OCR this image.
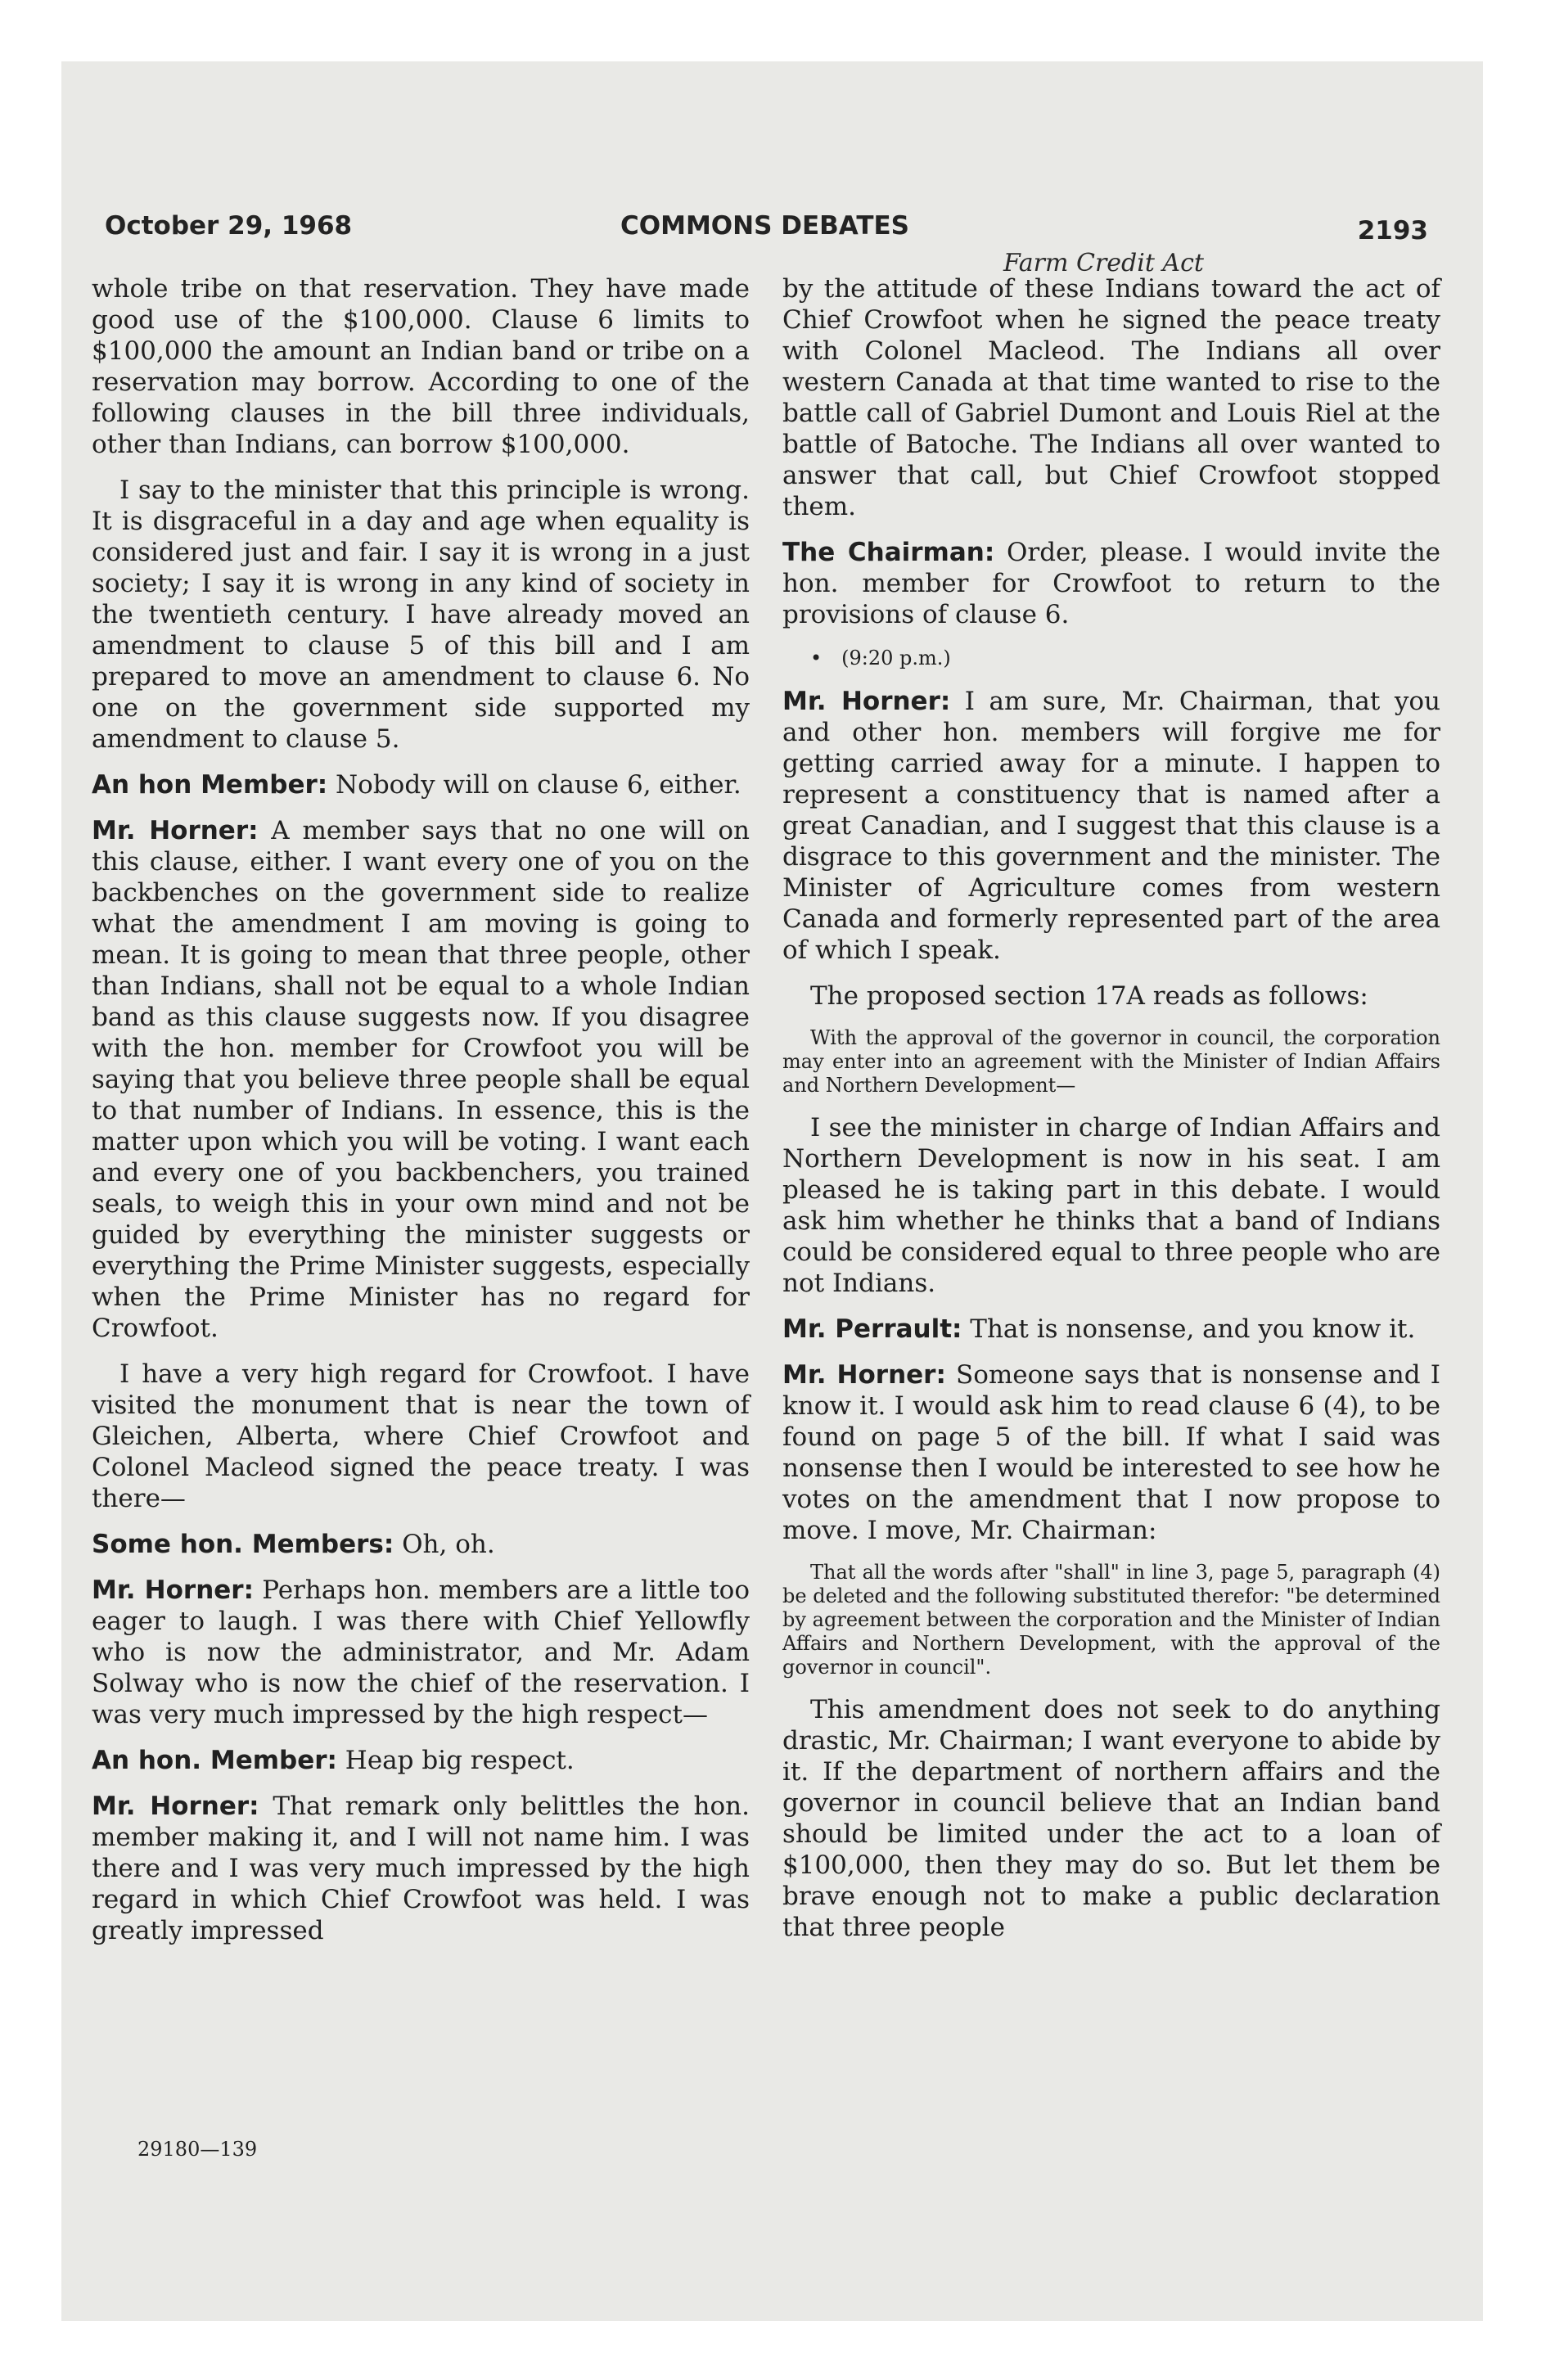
October 29, 1968	COMMONS DEBATES	2193
Farm Credit Act

whole tribe on that reservation. They have made good use of the $100,000. Clause 6 limits to $100,000 the amount an Indian band or tribe on a reservation may borrow. According to one of the following clauses in the bill three individuals, other than Indians, can borrow $100,000.

I say to the minister that this principle is wrong. It is disgraceful in a day and age when equality is considered just and fair. I say it is wrong in a just society; I say it is wrong in any kind of society in the twentieth century. I have already moved an amendment to clause 5 of this bill and I am prepared to move an amendment to clause 6. No one on the government side supported my amendment to clause 5.

An hon Member: Nobody will on clause 6, either.

Mr. Horner: A member says that no one will on this clause, either. I want every one of you on the backbenches on the government side to realize what the amendment I am moving is going to mean. It is going to mean that three people, other than Indians, shall not be equal to a whole Indian band as this clause suggests now. If you disagree with the hon. member for Crowfoot you will be saying that you believe three people shall be equal to that number of Indians. In essence, this is the matter upon which you will be voting. I want each and every one of you backbenchers, you trained seals, to weigh this in your own mind and not be guided by everything the minister suggests or everything the Prime Minister suggests, especially when the Prime Minister has no regard for Crowfoot.

I have a very high regard for Crowfoot. I have visited the monument that is near the town of Gleichen, Alberta, where Chief Crowfoot and Colonel Macleod signed the peace treaty. I was there—

Some hon. Members: Oh, oh.

Mr. Horner: Perhaps hon. members are a little too eager to laugh. I was there with Chief Yellowfly who is now the administrator, and Mr. Adam Solway who is now the chief of the reservation. I was very much impressed by the high respect—

An hon. Member: Heap big respect.

Mr. Horner: That remark only belittles the hon. member making it, and I will not name him. I was there and I was very much impressed by the high regard in which Chief Crowfoot was held. I was greatly impressed

by the attitude of these Indians toward the act of Chief Crowfoot when he signed the peace treaty with Colonel Macleod. The Indians all over western Canada at that time wanted to rise to the battle call of Gabriel Dumont and Louis Riel at the battle of Batoche. The Indians all over wanted to answer that call, but Chief Crowfoot stopped them.

The Chairman: Order, please. I would invite the hon. member for Crowfoot to return to the provisions of clause 6.

• (9:20 p.m.)

Mr. Horner: I am sure, Mr. Chairman, that you and other hon. members will forgive me for getting carried away for a minute. I happen to represent a constituency that is named after a great Canadian, and I suggest that this clause is a disgrace to this government and the minister. The Minister of Agriculture comes from western Canada and formerly represented part of the area of which I speak.

The proposed section 17A reads as follows:

With the approval of the governor in council, the corporation may enter into an agreement with the Minister of Indian Affairs and Northern Development—

I see the minister in charge of Indian Affairs and Northern Development is now in his seat. I am pleased he is taking part in this debate. I would ask him whether he thinks that a band of Indians could be considered equal to three people who are not Indians.

Mr. Perrault: That is nonsense, and you know it.

Mr. Horner: Someone says that is nonsense and I know it. I would ask him to read clause 6 (4), to be found on page 5 of the bill. If what I said was nonsense then I would be interested to see how he votes on the amendment that I now propose to move. I move, Mr. Chairman:

That all the words after "shall" in line 3, page 5, paragraph (4) be deleted and the following substituted therefor: "be determined by agreement between the corporation and the Minister of Indian Affairs and Northern Development, with the approval of the governor in council".

This amendment does not seek to do anything drastic, Mr. Chairman; I want everyone to abide by it. If the department of northern affairs and the governor in council believe that an Indian band should be limited under the act to a loan of $100,000, then they may do so. But let them be brave enough not to make a public declaration that three people

29180—139
